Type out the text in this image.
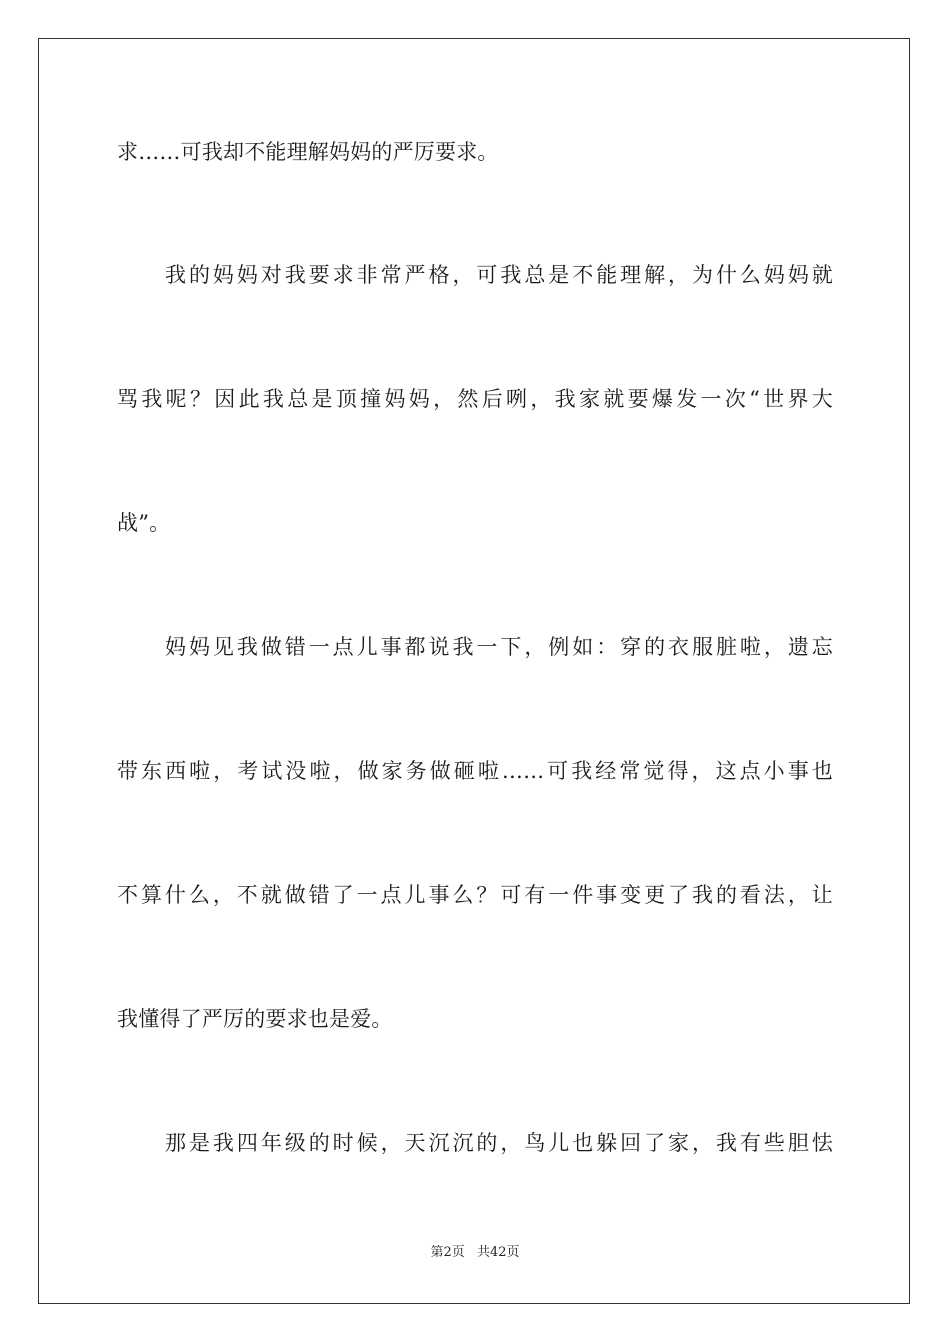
求……可我却不能理解妈妈的严厉要求。
我的妈妈对我要求非常严格，可我总是不能理解，为什么妈妈就
骂我呢？因此我总是顶撞妈妈，然后咧，我家就要爆发一次“世界大
战”。
妈妈见我做错一点儿事都说我一下，例如：穿的衣服脏啦，遗忘
带东西啦，考试没啦，做家务做砸啦……可我经常觉得，这点小事也
不算什么，不就做错了一点儿事么？可有一件事变更了我的看法，让
我懂得了严厉的要求也是爱。
那是我四年级的时候，天沉沉的，鸟儿也躲回了家，我有些胆怯
第2页 共42页
